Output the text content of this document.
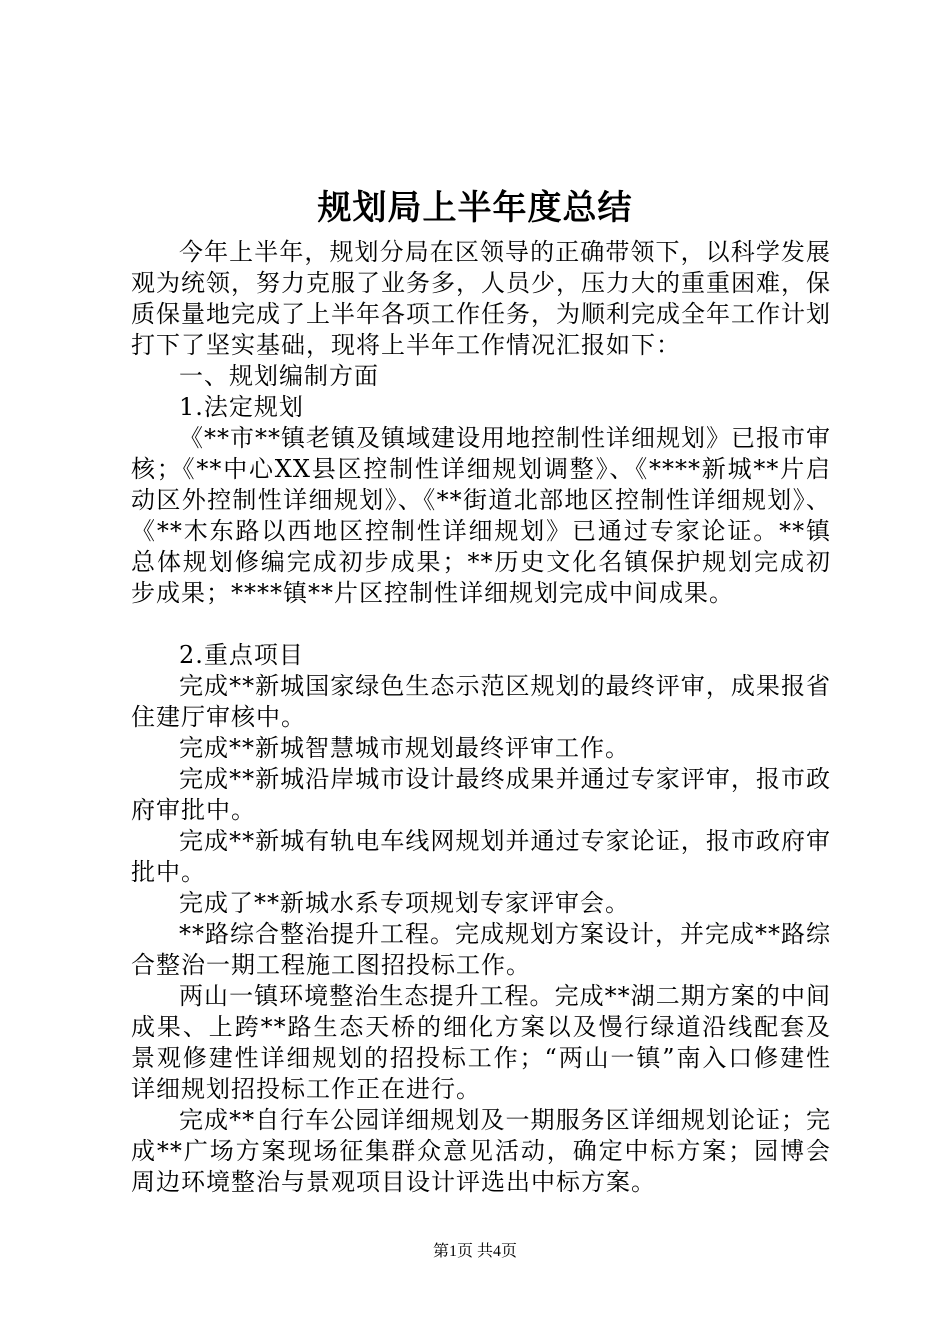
规划局上半年度总结

今年上半年，规划分局在区领导的正确带领下，以科学发展观为统领，努力克服了业务多，人员少，压力大的重重困难，保质保量地完成了上半年各项工作任务，为顺利完成全年工作计划打下了坚实基础，现将上半年工作情况汇报如下：

一、规划编制方面

1.法定规划

《**市**镇老镇及镇域建设用地控制性详细规划》已报市审核；《**中心XX县区控制性详细规划调整》、《****新城**片启动区外控制性详细规划》、《**街道北部地区控制性详细规划》、《**木东路以西地区控制性详细规划》已通过专家论证。**镇总体规划修编完成初步成果；**历史文化名镇保护规划完成初步成果；****镇**片区控制性详细规划完成中间成果。

2.重点项目

完成**新城国家绿色生态示范区规划的最终评审，成果报省住建厅审核中。

完成**新城智慧城市规划最终评审工作。

完成**新城沿岸城市设计最终成果并通过专家评审，报市政府审批中。

完成**新城有轨电车线网规划并通过专家论证，报市政府审批中。

完成了**新城水系专项规划专家评审会。

**路综合整治提升工程。完成规划方案设计，并完成**路综合整治一期工程施工图招投标工作。

两山一镇环境整治生态提升工程。完成**湖二期方案的中间成果、上跨**路生态天桥的细化方案以及慢行绿道沿线配套及景观修建性详细规划的招投标工作；“两山一镇”南入口修建性详细规划招投标工作正在进行。

完成**自行车公园详细规划及一期服务区详细规划论证；完成**广场方案现场征集群众意见活动，确定中标方案；园博会周边环境整治与景观项目设计评选出中标方案。

第1页 共4页
